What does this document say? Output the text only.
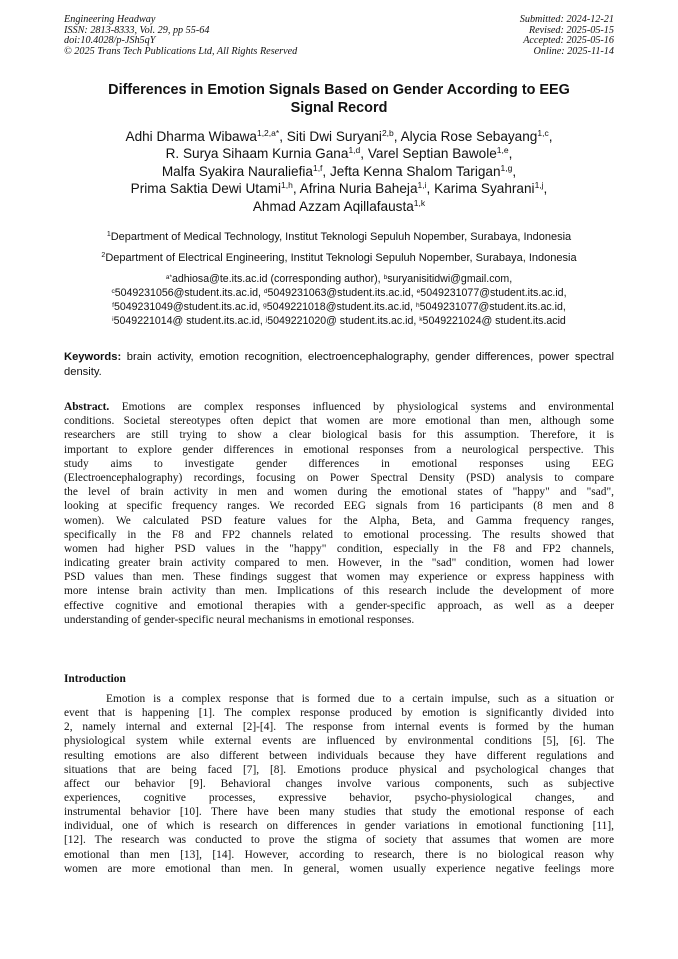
Engineering Headway
ISSN: 2813-8333, Vol. 29, pp 55-64
doi:10.4028/p-JSh5qY
© 2025 Trans Tech Publications Ltd, All Rights Reserved
Submitted: 2024-12-21
Revised: 2025-05-15
Accepted: 2025-05-16
Online: 2025-11-14
Differences in Emotion Signals Based on Gender According to EEG
Signal Record
Adhi Dharma Wibawa$^{1,2,a*}$, Siti Dwi Suryani$^{2,b}$, Alycia Rose Sebayang$^{1,c}$,
R. Surya Sihaam Kurnia Gana$^{1,d}$, Varel Septian Bawole$^{1,e}$,
Malfa Syakira Nauraliefia$^{1,f}$, Jefta Kenna Shalom Tarigan$^{1,g}$,
Prima Saktia Dewi Utami$^{1,h}$, Afrina Nuria Baheja$^{1,i}$, Karima Syahrani$^{1,j}$,
Ahmad Azzam Aqillafausta$^{1,k}$
$^1$Department of Medical Technology, Institut Teknologi Sepuluh Nopember, Surabaya, Indonesia
$^2$Department of Electrical Engineering, Institut Teknologi Sepuluh Nopember, Surabaya, Indonesia
$^{a*}$adhiosa@te.its.ac.id (corresponding author), $^b$suryanisitidwi@gmail.com,
$^c$5049231056@student.its.ac.id, $^d$5049231063@student.its.ac.id, $^e$5049231077@student.its.ac.id,
$^f$5049231049@student.its.ac.id, $^g$5049221018@student.its.ac.id, $^h$5049231077@student.its.ac.id,
$^i$5049221014@ student.its.ac.id, $^j$5049221020@ student.its.ac.id, $^k$5049221024@ student.its.acid
Keywords: brain activity, emotion recognition, electroencephalography, gender differences, power spectral density.
Abstract. Emotions are complex responses influenced by physiological systems and environmental
conditions. Societal stereotypes often depict that women are more emotional than men, although some
researchers are still trying to show a clear biological basis for this assumption. Therefore, it is
important to explore gender differences in emotional responses from a neurological perspective. This
study aims to investigate gender differences in emotional responses using EEG
(Electroencephalography) recordings, focusing on Power Spectral Density (PSD) analysis to compare
the level of brain activity in men and women during the emotional states of "happy" and "sad",
looking at specific frequency ranges. We recorded EEG signals from 16 participants (8 men and 8
women). We calculated PSD feature values for the Alpha, Beta, and Gamma frequency ranges,
specifically in the F8 and FP2 channels related to emotional processing. The results showed that
women had higher PSD values in the "happy" condition, especially in the F8 and FP2 channels,
indicating greater brain activity compared to men. However, in the "sad" condition, women had lower
PSD values than men. These findings suggest that women may experience or express happiness with
more intense brain activity than men. Implications of this research include the development of more
effective cognitive and emotional therapies with a gender-specific approach, as well as a deeper
understanding of gender-specific neural mechanisms in emotional responses.
Introduction
Emotion is a complex response that is formed due to a certain impulse, such as a situation or
event that is happening [1]. The complex response produced by emotion is significantly divided into
2, namely internal and external [2]-[4]. The response from internal events is formed by the human
physiological system while external events are influenced by environmental conditions [5], [6]. The
resulting emotions are also different between individuals because they have different regulations and
situations that are being faced [7], [8]. Emotions produce physical and psychological changes that
affect our behavior [9]. Behavioral changes involve various components, such as subjective
experiences, cognitive processes, expressive behavior, psycho-physiological changes, and
instrumental behavior [10]. There have been many studies that study the emotional response of each
individual, one of which is research on differences in gender variations in emotional functioning [11],
[12]. The research was conducted to prove the stigma of society that assumes that women are more
emotional than men [13], [14]. However, according to research, there is no biological reason why
women are more emotional than men. In general, women usually experience negative feelings more
